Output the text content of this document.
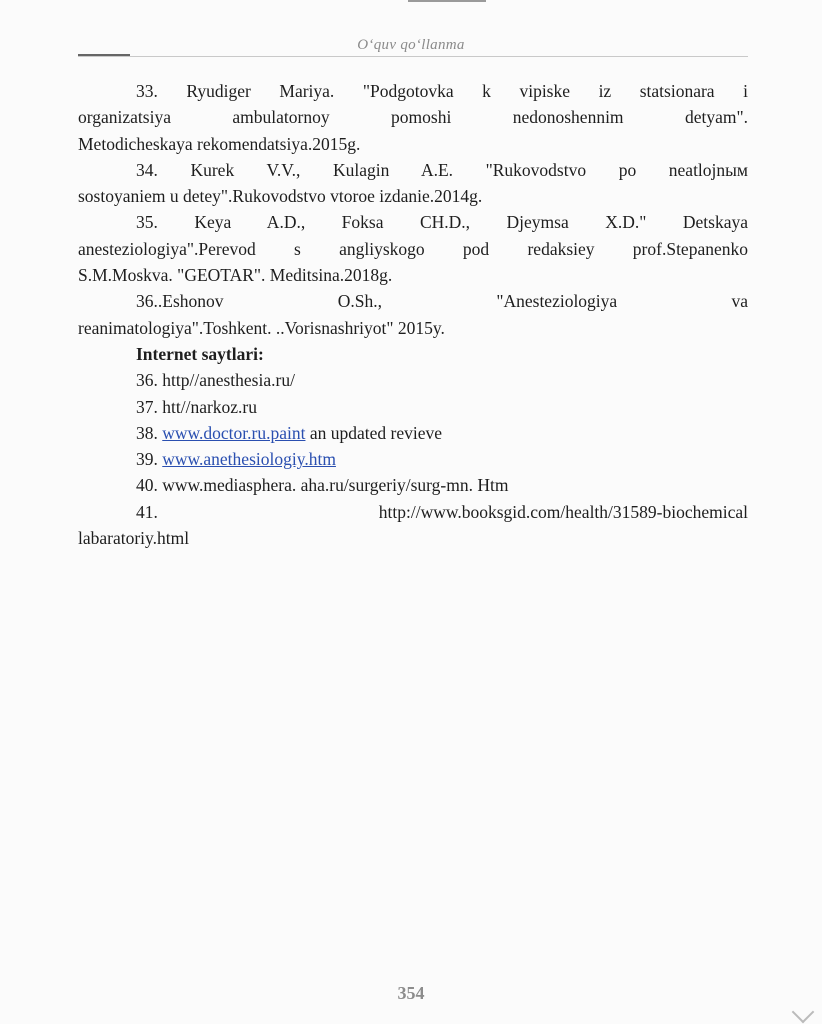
O‘quv qo‘llanma

33. Ryudiger Mariya. "Podgotovka k vipiske iz statsionara i

organizatsiya ambulatornoy pomoshi nedonoshennim detyam".

Metodicheskaya rekomendatsiya.2015g.

34. Kurek V.V., Kulagin A.E. "Rukovodstvo po neatlojnым

sostoyaniem u detey".Rukovodstvo vtoroe izdanie.2014g.

35. Keya A.D., Foksa CH.D., Djeymsa X.D." Detskaya

anesteziologiya".Perevod s angliyskogo pod redaksiey prof.Stepanenko

S.M.Moskva. "GEOTAR". Meditsina.2018g.

36..Eshonov O.Sh., "Anesteziologiya va

reanimatologiya".Toshkent. ..Vorisnashriyot" 2015y.

Internet saytlari:

36. http//anesthesia.ru/

37. htt//narkoz.ru

38. www.doctor.ru.paint an updated revieve

39. www.anethesiologiy.htm

40. www.mediasphera. aha.ru/surgeriy/surg-mn. Htm

41. http://www.booksgid.com/health/31589-biochemical

labaratoriy.html

354
